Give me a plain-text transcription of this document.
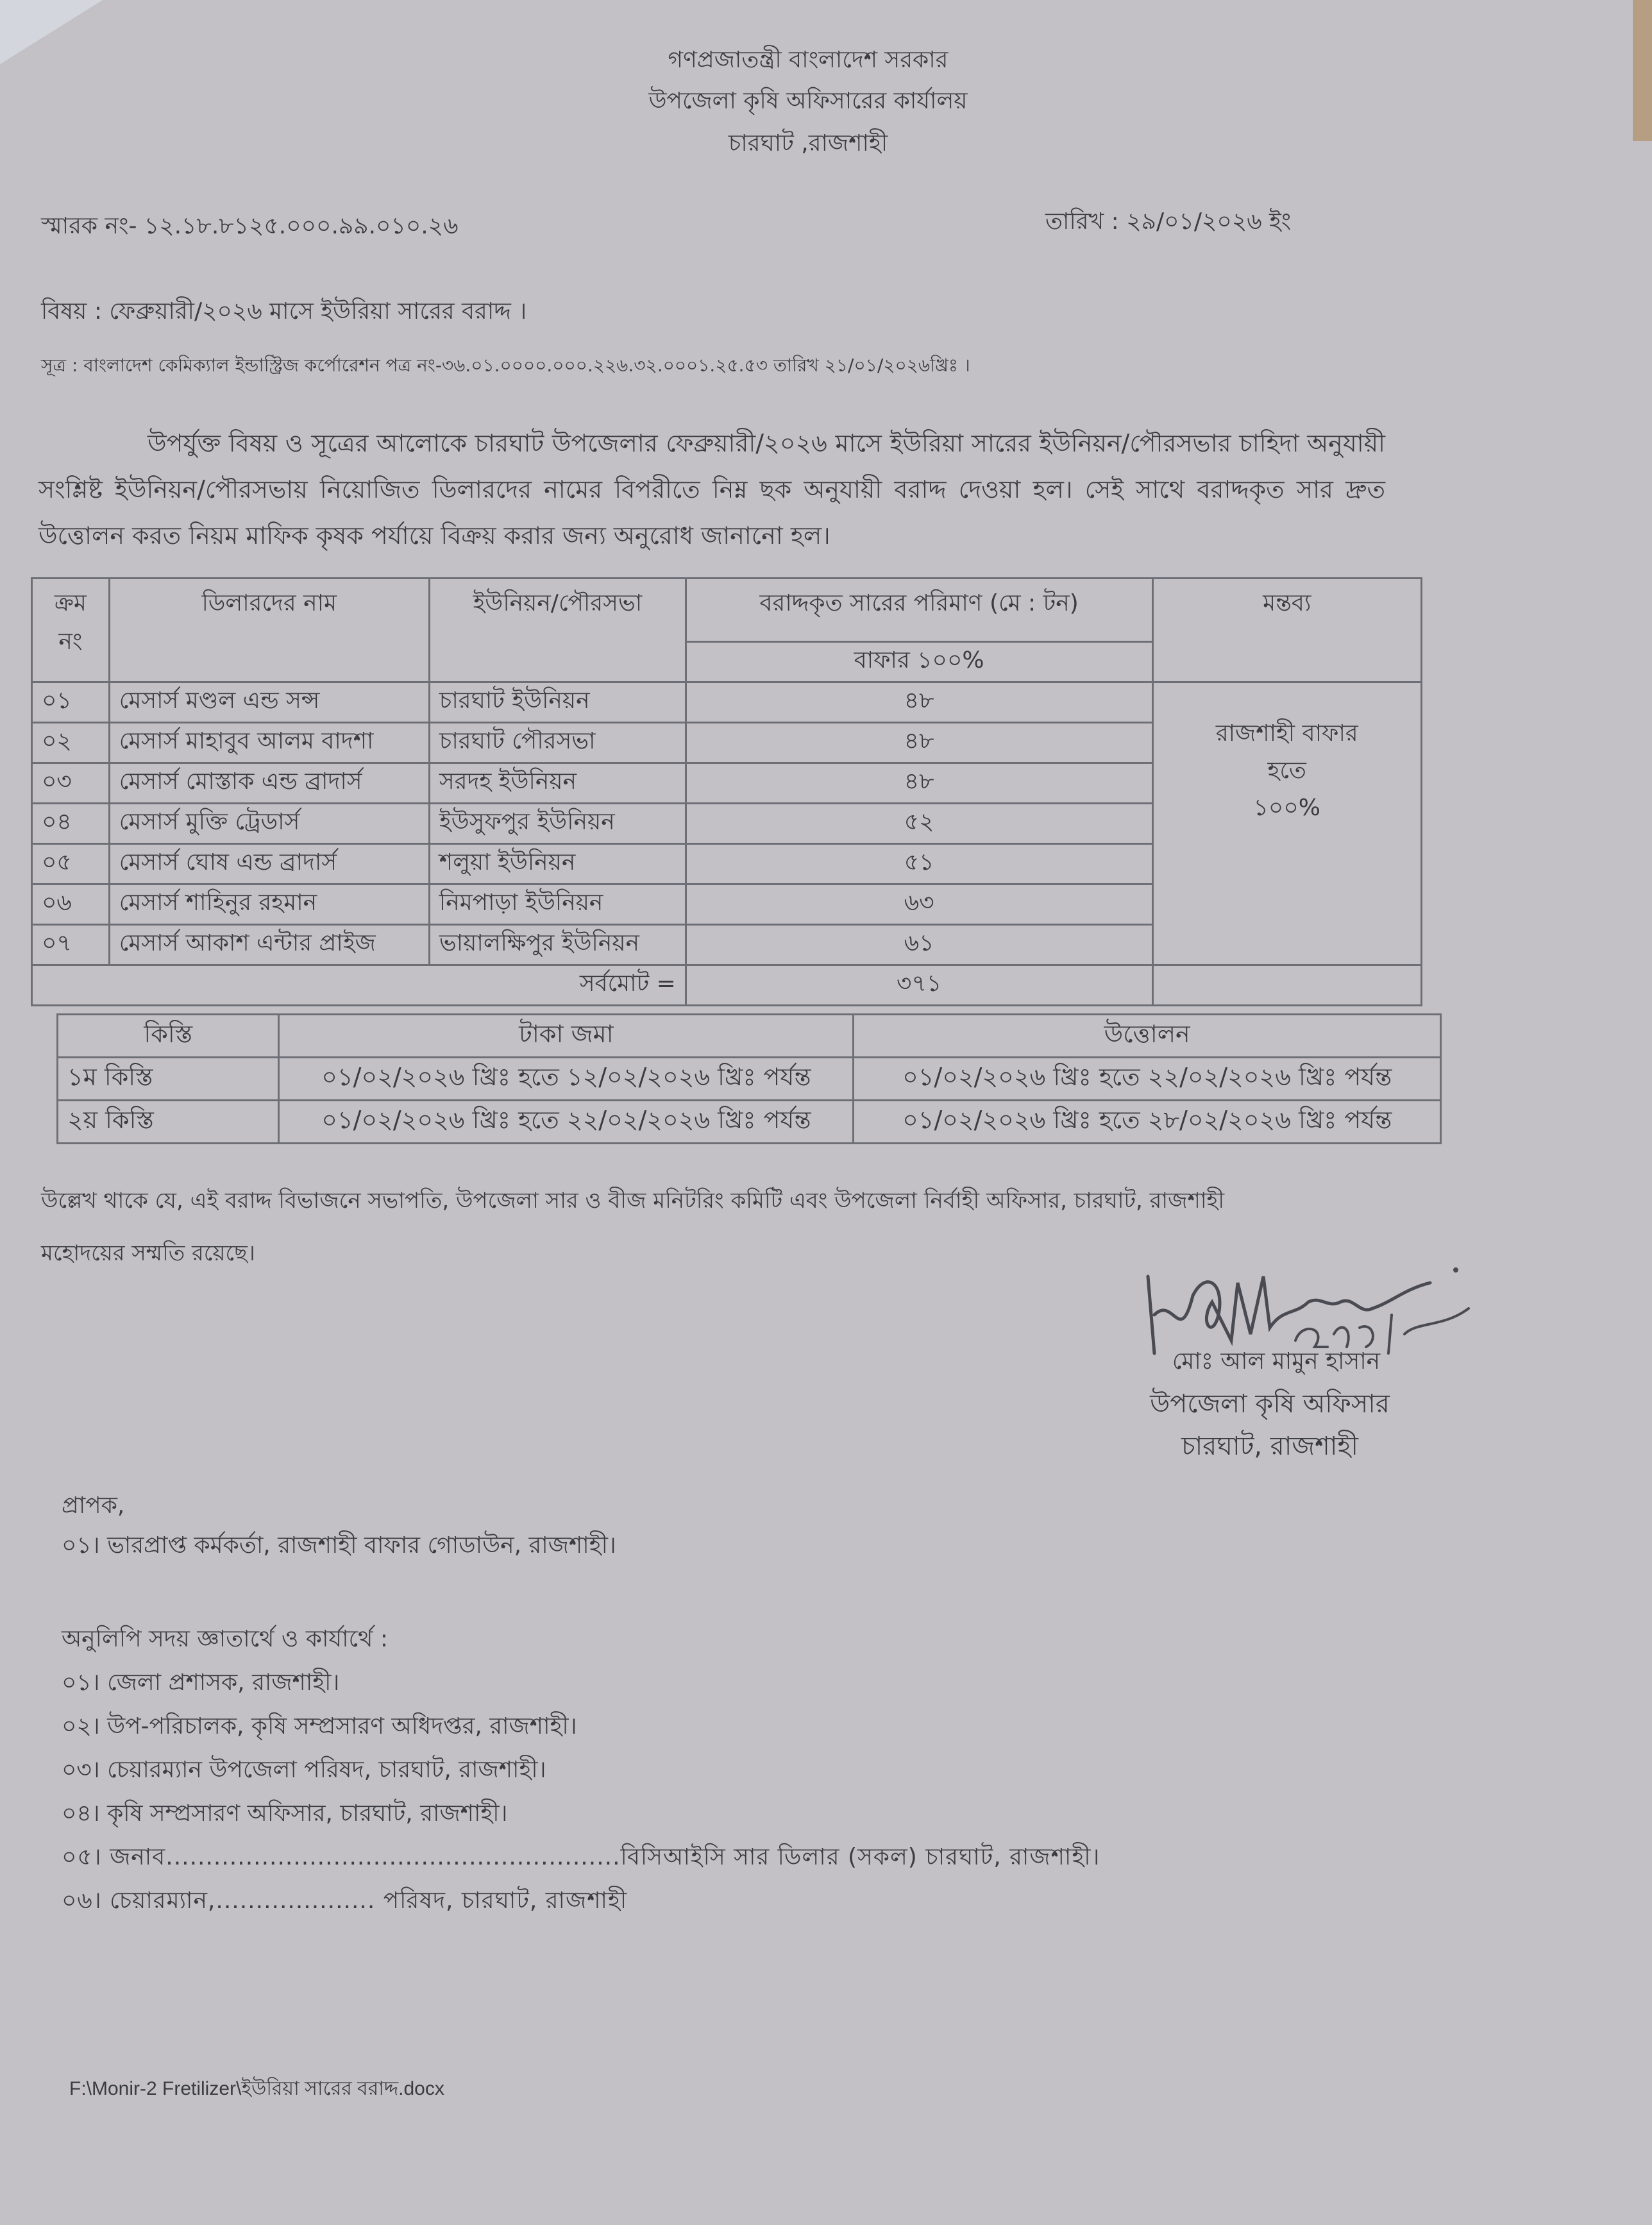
গণপ্রজাতন্ত্রী বাংলাদেশ সরকার
উপজেলা কৃষি অফিসারের কার্যালয়
চারঘাট ,রাজশাহী
স্মারক নং- ১২.১৮.৮১২৫.০০০.৯৯.০১০.২৬	তারিখ : ২৯/০১/২০২৬ ইং
বিষয় : ফেব্রুয়ারী/২০২৬ মাসে ইউরিয়া সারের বরাদ্দ ।
সূত্র : বাংলাদেশ কেমিক্যাল ইন্ডাস্ট্রিজ কর্পোরেশন পত্র নং-৩৬.০১.০০০০.০০০.২২৬.৩২.০০০১.২৫.৫৩ তারিখ ২১/০১/২০২৬খ্রিঃ ।
উপর্যুক্ত বিষয় ও সূত্রের আলোকে চারঘাট উপজেলার ফেব্রুয়ারী/২০২৬ মাসে ইউরিয়া সারের ইউনিয়ন/পৌরসভার চাহিদা অনুযায়ী সংশ্লিষ্ট ইউনিয়ন/পৌরসভায় নিয়োজিত ডিলারদের নামের বিপরীতে নিম্ন ছক অনুযায়ী বরাদ্দ দেওয়া হল। সেই সাথে বরাদ্দকৃত সার দ্রুত উত্তোলন করত নিয়ম মাফিক কৃষক পর্যায়ে বিক্রয় করার জন্য অনুরোধ জানানো হল।
ক্রম নং	ডিলারদের নাম	ইউনিয়ন/পৌরসভা	বরাদ্দকৃত সারের পরিমাণ (মে : টন)	মন্তব্য
			বাফার ১০০%	
০১	মেসার্স মণ্ডল এন্ড সন্স	চারঘাট ইউনিয়ন	৪৮	রাজশাহী বাফার
হতে
১০০%

০২	মেসার্স মাহাবুব আলম বাদশা	চারঘাট পৌরসভা	৪৮	
০৩	মেসার্স মোস্তাক এন্ড ব্রাদার্স	সরদহ ইউনিয়ন	৪৮	
০৪	মেসার্স মুক্তি ট্রেডার্স	ইউসুফপুর ইউনিয়ন	৫২	
০৫	মেসার্স ঘোষ এন্ড ব্রাদার্স	শলুয়া ইউনিয়ন	৫১	
০৬	মেসার্স শাহিনুর রহমান	নিমপাড়া ইউনিয়ন	৬৩	
০৭	মেসার্স আকাশ এন্টার প্রাইজ	ভায়ালক্ষিপুর ইউনিয়ন	৬১	
সর্বমোট =			৩৭১	
কিস্তি	টাকা জমা	উত্তোলন
১ম কিস্তি	০১/০২/২০২৬ খ্রিঃ হতে ১২/০২/২০২৬ খ্রিঃ পর্যন্ত	০১/০২/২০২৬ খ্রিঃ হতে ২২/০২/২০২৬ খ্রিঃ পর্যন্ত
২য় কিস্তি	০১/০২/২০২৬ খ্রিঃ হতে ২২/০২/২০২৬ খ্রিঃ পর্যন্ত	০১/০২/২০২৬ খ্রিঃ হতে ২৮/০২/২০২৬ খ্রিঃ পর্যন্ত
উল্লেখ থাকে যে, এই বরাদ্দ বিভাজনে সভাপতি, উপজেলা সার ও বীজ মনিটরিং কমিটি এবং উপজেলা নির্বাহী অফিসার, চারঘাট, রাজশাহী
মহোদয়ের সম্মতি রয়েছে।
মোঃ আল মামুন হাসান
উপজেলা কৃষি অফিসার
চারঘাট, রাজশাহী
প্রাপক,
০১। ভারপ্রাপ্ত কর্মকর্তা, রাজশাহী বাফার গোডাউন, রাজশাহী।
অনুলিপি সদয় জ্ঞাতার্থে ও কার্যার্থে :
০১। জেলা প্রশাসক, রাজশাহী।
০২। উপ-পরিচালক, কৃষি সম্প্রসারণ অধিদপ্তর, রাজশাহী।
০৩। চেয়ারম্যান উপজেলা পরিষদ, চারঘাট, রাজশাহী।
০৪। কৃষি সম্প্রসারণ অফিসার, চারঘাট, রাজশাহী।
০৫। জনাব.........................................................বিসিআইসি সার ডিলার (সকল) চারঘাট, রাজশাহী।
০৬। চেয়ারম্যান,.................... পরিষদ, চারঘাট, রাজশাহী
F:\Monir-2 Fretilizer\ইউরিয়া সারের বরাদ্দ.docx
